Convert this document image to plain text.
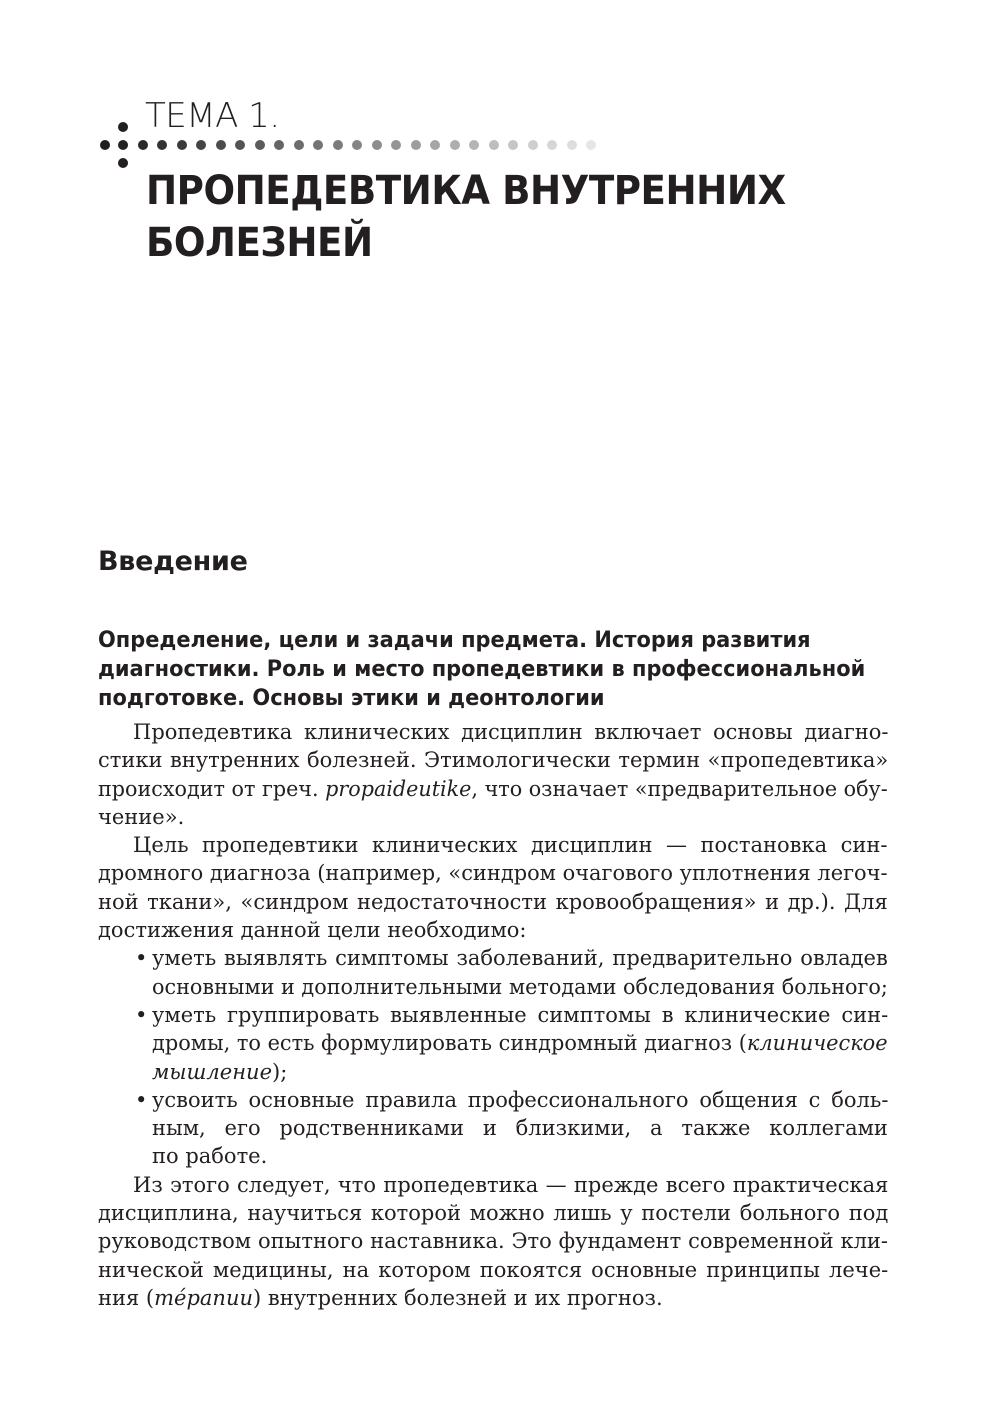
ТЕМА 1.
ПРОПЕДЕВТИКА ВНУТРЕННИХ
БОЛЕЗНЕЙ
Введение
Определение, цели и задачи предмета. История развития
диагностики. Роль и место пропедевтики в профессиональной
подготовке. Основы этики и деонтологии
Пропедевтика клинических дисциплин включает основы диагно-
стики внутренних болезней. Этимологически термин «пропедевтика»
происходит от греч. propaideutike, что означает «предварительное обу-
чение».
Цель пропедевтики клинических дисциплин — постановка син-
дромного диагноза (например, «синдром очагового уплотнения легоч-
ной ткани», «синдром недостаточности кровообращения» и др.). Для
достижения данной цели необходимо:
• уметь выявлять симптомы заболеваний, предварительно овладев
основными и дополнительными методами обследования больного;
• уметь группировать выявленные симптомы в клинические син-
дромы, то есть формулировать синдромный диагноз (клиническое
мышление);
• усвоить основные правила профессионального общения с боль-
ным, его родственниками и близкими, а также коллегами
по работе.
Из этого следует, что пропедевтика — прежде всего практическая
дисциплина, научиться которой можно лишь у постели больного под
руководством опытного наставника. Это фундамент современной кли-
нической медицины, на котором покоятся основные принципы лече-
ния (тéрапии) внутренних болезней и их прогноз.
